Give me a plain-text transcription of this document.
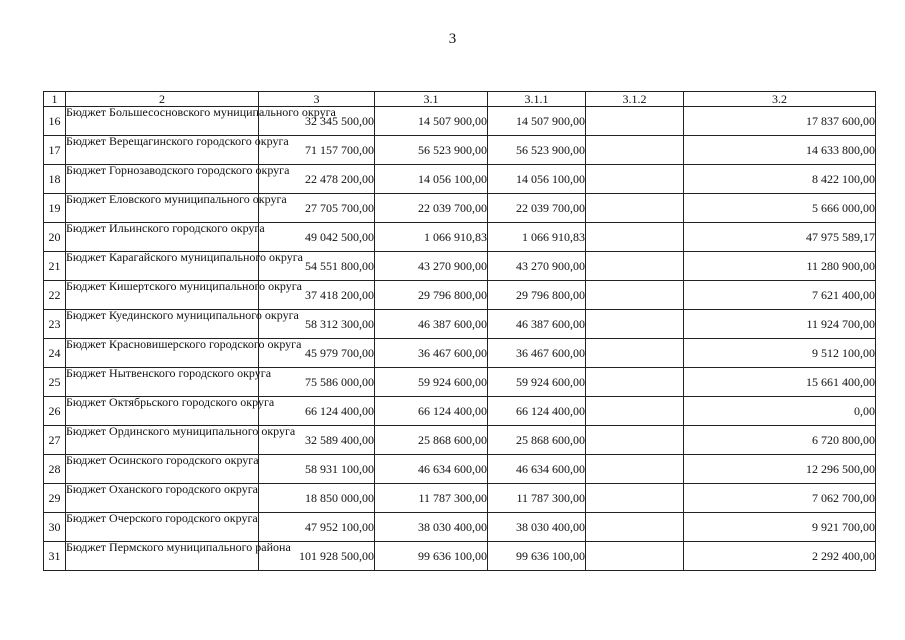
3
1	2	3	3.1	3.1.1	3.1.2	3.2
16	Бюджет Большесосновского муниципального округа	32 345 500,00	14 507 900,00	14 507 900,00		17 837 600,00
17	Бюджет Верещагинского городского округа	71 157 700,00	56 523 900,00	56 523 900,00		14 633 800,00
18	Бюджет Горнозаводского городского округа	22 478 200,00	14 056 100,00	14 056 100,00		8 422 100,00
19	Бюджет Еловского муниципального округа	27 705 700,00	22 039 700,00	22 039 700,00		5 666 000,00
20	Бюджет Ильинского городского округа	49 042 500,00	1 066 910,83	1 066 910,83		47 975 589,17
21	Бюджет Карагайского муниципального округа	54 551 800,00	43 270 900,00	43 270 900,00		11 280 900,00
22	Бюджет Кишертского муниципального округа	37 418 200,00	29 796 800,00	29 796 800,00		7 621 400,00
23	Бюджет Куединского муниципального округа	58 312 300,00	46 387 600,00	46 387 600,00		11 924 700,00
24	Бюджет Красновишерского городского округа	45 979 700,00	36 467 600,00	36 467 600,00		9 512 100,00
25	Бюджет Нытвенского городского округа	75 586 000,00	59 924 600,00	59 924 600,00		15 661 400,00
26	Бюджет Октябрьского городского округа	66 124 400,00	66 124 400,00	66 124 400,00		0,00
27	Бюджет Ординского муниципального округа	32 589 400,00	25 868 600,00	25 868 600,00		6 720 800,00
28	Бюджет Осинского городского округа	58 931 100,00	46 634 600,00	46 634 600,00		12 296 500,00
29	Бюджет Оханского городского округа	18 850 000,00	11 787 300,00	11 787 300,00		7 062 700,00
30	Бюджет Очерского городского округа	47 952 100,00	38 030 400,00	38 030 400,00		9 921 700,00
31	Бюджет Пермского муниципального района	101 928 500,00	99 636 100,00	99 636 100,00		2 292 400,00
